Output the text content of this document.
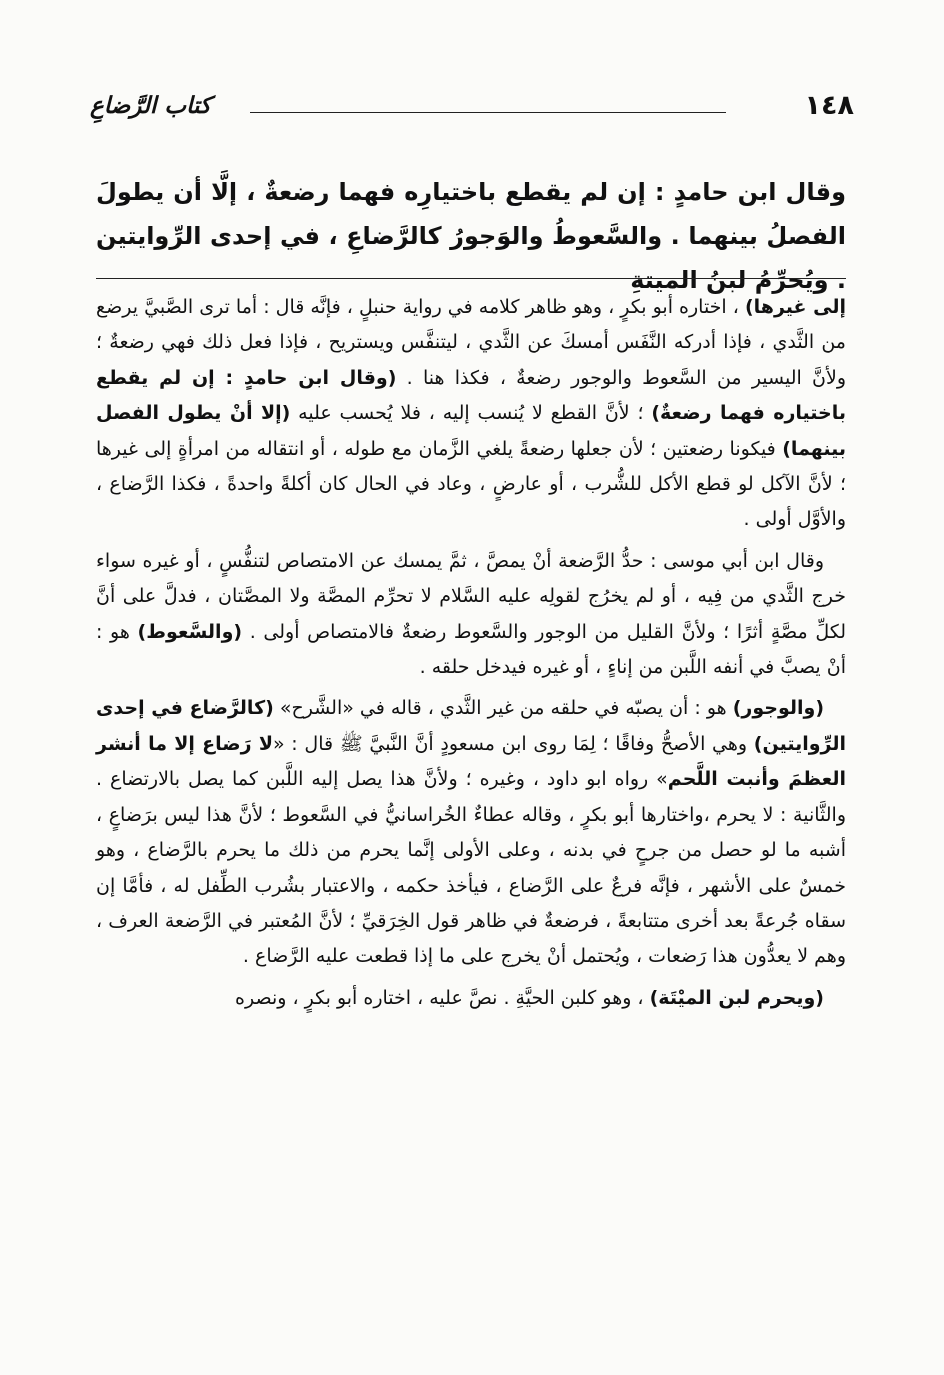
١٤٨
كتاب الرَّضاعِ
وقال ابن حامدٍ : إن لم يقطع باختيارِه فهما رضعةٌ ، إلَّا أن يطولَ الفصلُ بينهما . والسَّعوطُ والوَجورُ كالرَّضاعِ ، في إحدى الرِّوايتين . ويُحرِّمُ لبنُ الميتةِ

إلى غيرها) ، اختاره أبو بكرٍ ، وهو ظاهر كلامه في رواية حنبلٍ ، فإنَّه قال : أما ترى الصَّبيَّ يرضع من الثَّدي ، فإذا أدركه النَّفَس أمسكَ عن الثَّدي ، ليتنفَّس ويستريح ، فإذا فعل ذلك فهي رضعةٌ ؛ ولأنَّ اليسير من السَّعوط والوجور رضعةٌ ، فكذا هنا . (وقال ابن حامدٍ : إن لم يقطع باختياره فهما رضعةٌ) ؛ لأنَّ القطع لا يُنسب إليه ، فلا يُحسب عليه (إلا أنْ يطول الفصل بينهما) فيكونا رضعتين ؛ لأن جعلها رضعةً يلغي الزَّمان مع طوله ، أو انتقاله من امرأةٍ إلى غيرها ؛ لأنَّ الآكل لو قطع الأكل للشُّرب ، أو عارضٍ ، وعاد في الحال كان أكلةً واحدةً ، فكذا الرَّضاع ، والأوَّل أولى .

وقال ابن أبي موسى : حدُّ الرَّضعة أنْ يمصَّ ، ثمَّ يمسك عن الامتصاص لتنفُّسٍ ، أو غيره سواء خرج الثَّدي من فِيه ، أو لم يخرُج لقولِه عليه السَّلام لا تحرِّم المصَّة ولا المصَّتان ، فدلَّ على أنَّ لكلِّ مصَّةٍ أثرًا ؛ ولأنَّ القليل من الوجور والسَّعوط رضعةٌ فالامتصاص أولى . (والسَّعوط) هو : أنْ يصبَّ في أنفه اللَّبن من إناءٍ ، أو غيره فيدخل حلقه .

(والوجور) هو : أن يصبّه في حلقه من غير الثَّدي ، قاله في «الشَّرح» (كالرَّضاع في إحدى الرِّوايتين) وهي الأصحُّ وفاقًا ؛ لِمَا روى ابن مسعودٍ أنَّ النَّبيَّ ﷺ قال : «لا رَضاع إلا ما أنشر العظمَ وأنبت اللَّحم» رواه ابو داود ، وغيره ؛ ولأنَّ هذا يصل إليه اللَّبن كما يصل بالارتضاع . والثَّانية : لا يحرم ،واختارها أبو بكرٍ ، وقاله عطاءٌ الخُراسانيُّ في السَّعوط ؛ لأنَّ هذا ليس برَضاعٍ ، أشبه ما لو حصل من جرحٍ في بدنه ، وعلى الأولى إنَّما يحرم من ذلك ما يحرم بالرَّضاع ، وهو خمسٌ على الأشهر ، فإنَّه فرعٌ على الرَّضاع ، فيأخذ حكمه ، والاعتبار بشُرب الطِّفل له ، فأمَّا إن سقاه جُرعةً بعد أخرى متتابعةً ، فرضعةٌ في ظاهر قول الخِرَقيِّ ؛ لأنَّ المُعتبر في الرَّضعة العرف ، وهم لا يعدُّون هذا رَضعات ، ويُحتمل أنْ يخرج على ما إذا قطعت عليه الرَّضاع .

(ويحرم لبن الميْتَة) ، وهو كلبن الحيَّةِ . نصَّ عليه ، اختاره أبو بكرٍ ، ونصره
